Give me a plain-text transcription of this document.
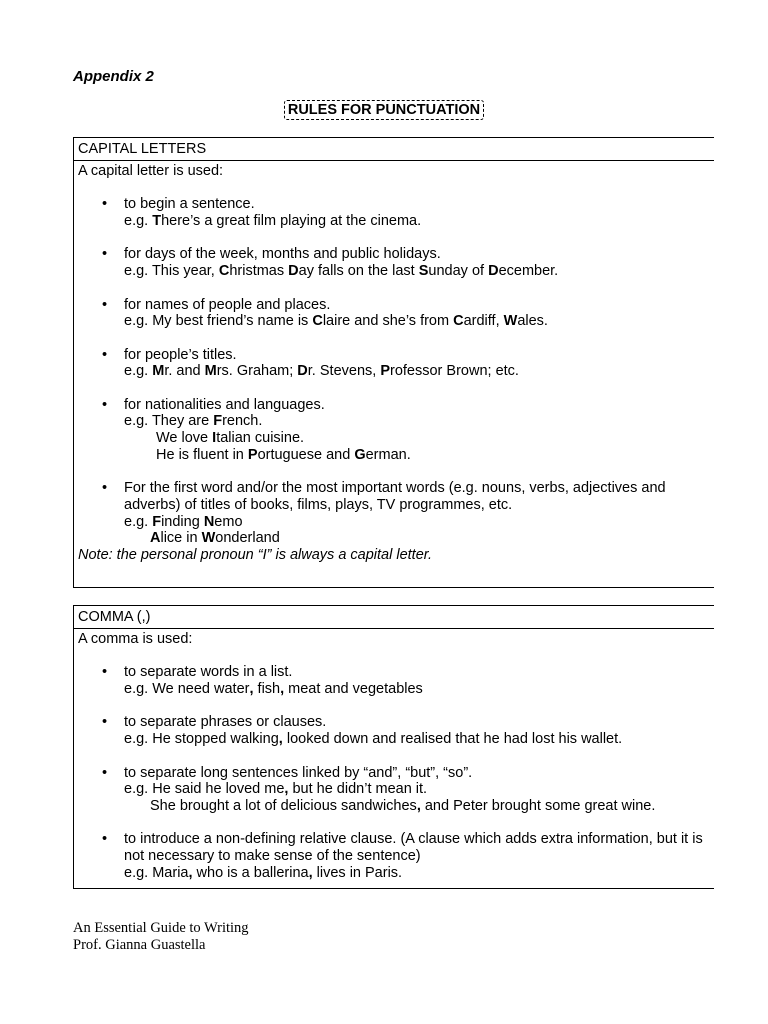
Appendix 2
RULES FOR PUNCTUATION
CAPITAL LETTERS
A capital letter is used:
• to begin a sentence.
e.g. There’s a great film playing at the cinema.
• for days of the week, months and public holidays.
e.g. This year, Christmas Day falls on the last Sunday of December.
• for names of people and places.
e.g. My best friend’s name is Claire and she’s from Cardiff, Wales.
• for people’s titles.
e.g. Mr. and Mrs. Graham; Dr. Stevens, Professor Brown; etc.
• for nationalities and languages.
e.g. They are French.
We love Italian cuisine.
He is fluent in Portuguese and German.
• For the first word and/or the most important words (e.g. nouns, verbs, adjectives and adverbs) of titles of books, films, plays, TV programmes, etc.
e.g. Finding Nemo
Alice in Wonderland
Note: the personal pronoun “I” is always a capital letter.
COMMA (,)
A comma is used:
• to separate words in a list.
e.g. We need water, fish, meat and vegetables
• to separate phrases or clauses.
e.g. He stopped walking, looked down and realised that he had lost his wallet.
• to separate long sentences linked by “and”, “but”, “so”.
e.g. He said he loved me, but he didn’t mean it.
She brought a lot of delicious sandwiches, and Peter brought some great wine.
• to introduce a non-defining relative clause. (A clause which adds extra information, but it is not necessary to make sense of the sentence)
e.g. Maria, who is a ballerina, lives in Paris.
An Essential Guide to Writing
Prof. Gianna Guastella
